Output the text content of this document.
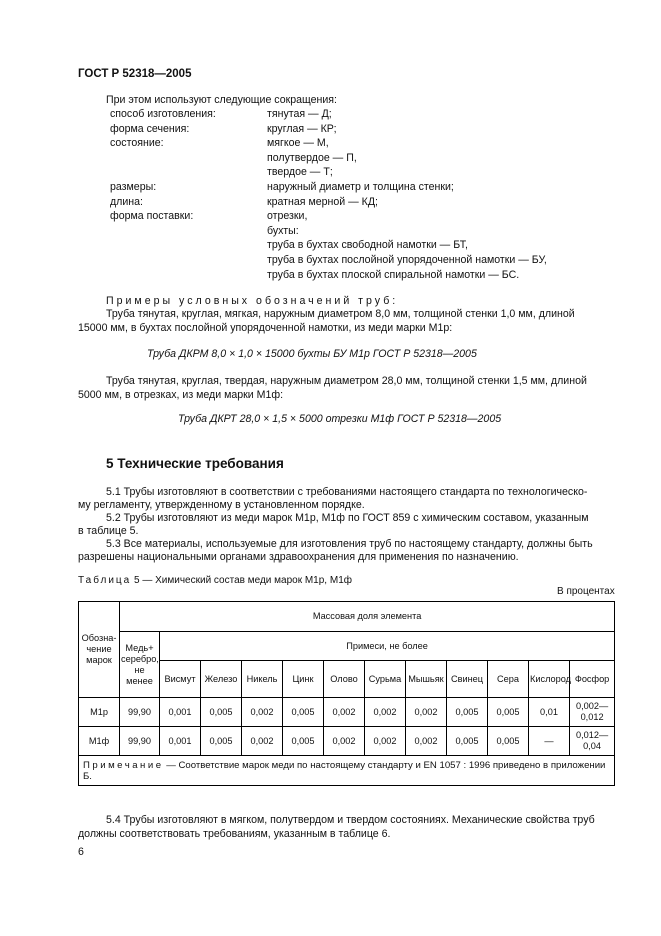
ГОСТ Р 52318—2005
При этом используют следующие сокращения:
способ изготовления:	тянутая — Д;
форма сечения:	круглая — КР;
состояние:	мягкое — М,
полутвердое — П,
твердое — Т;
размеры:	наружный диаметр и толщина стенки;
длина:	кратная мерной — КД;
форма поставки:	отрезки,
бухты:
труба в бухтах свободной намотки — БТ,
труба в бухтах послойной упорядоченной намотки — БУ,
труба в бухтах плоской спиральной намотки — БС.
Примеры условных обозначений труб:
Труба тянутая, круглая, мягкая, наружным диаметром 8,0 мм, толщиной стенки 1,0 мм, длиной
15000 мм, в бухтах послойной упорядоченной намотки, из меди марки М1р:
Труба ДКРМ 8,0 × 1,0 × 15000 бухты БУ М1р ГОСТ Р 52318—2005
Труба тянутая, круглая, твердая, наружным диаметром 28,0 мм, толщиной стенки 1,5 мм, длиной
5000 мм, в отрезках, из меди марки М1ф:
Труба ДКРТ 28,0 × 1,5 × 5000 отрезки М1ф ГОСТ Р 52318—2005
5 Технические требования
5.1 Трубы изготовляют в соответствии с требованиями настоящего стандарта по технологическо-
му регламенту, утвержденному в установленном порядке.
5.2 Трубы изготовляют из меди марок М1р, М1ф по ГОСТ 859 с химическим составом, указанным
в таблице 5.
5.3 Все материалы, используемые для изготовления труб по настоящему стандарту, должны быть
разрешены национальными органами здравоохранения для применения по назначению.
Таблица 5 — Химический состав меди марок М1р, М1ф
В процентах
Обозна-чение марок	Массовая доля элемента											
	Медь+ серебро, не менее	Примеси, не более										
		Висмут	Железо	Никель	Цинк	Олово	Сурьма	Мышьяк	Свинец	Сера	Кислород	Фосфор
М1р	99,90	0,001	0,005	0,002	0,005	0,002	0,002	0,002	0,005	0,005	0,01	0,002—0,012
М1ф	99,90	0,001	0,005	0,002	0,005	0,002	0,002	0,002	0,005	0,005	—	0,012—0,04
Примечание — Соответствие марок меди по настоящему стандарту и EN 1057 : 1996 приведено в приложении Б.												
5.4 Трубы изготовляют в мягком, полутвердом и твердом состояниях. Механические свойства труб
должны соответствовать требованиям, указанным в таблице 6.
6
